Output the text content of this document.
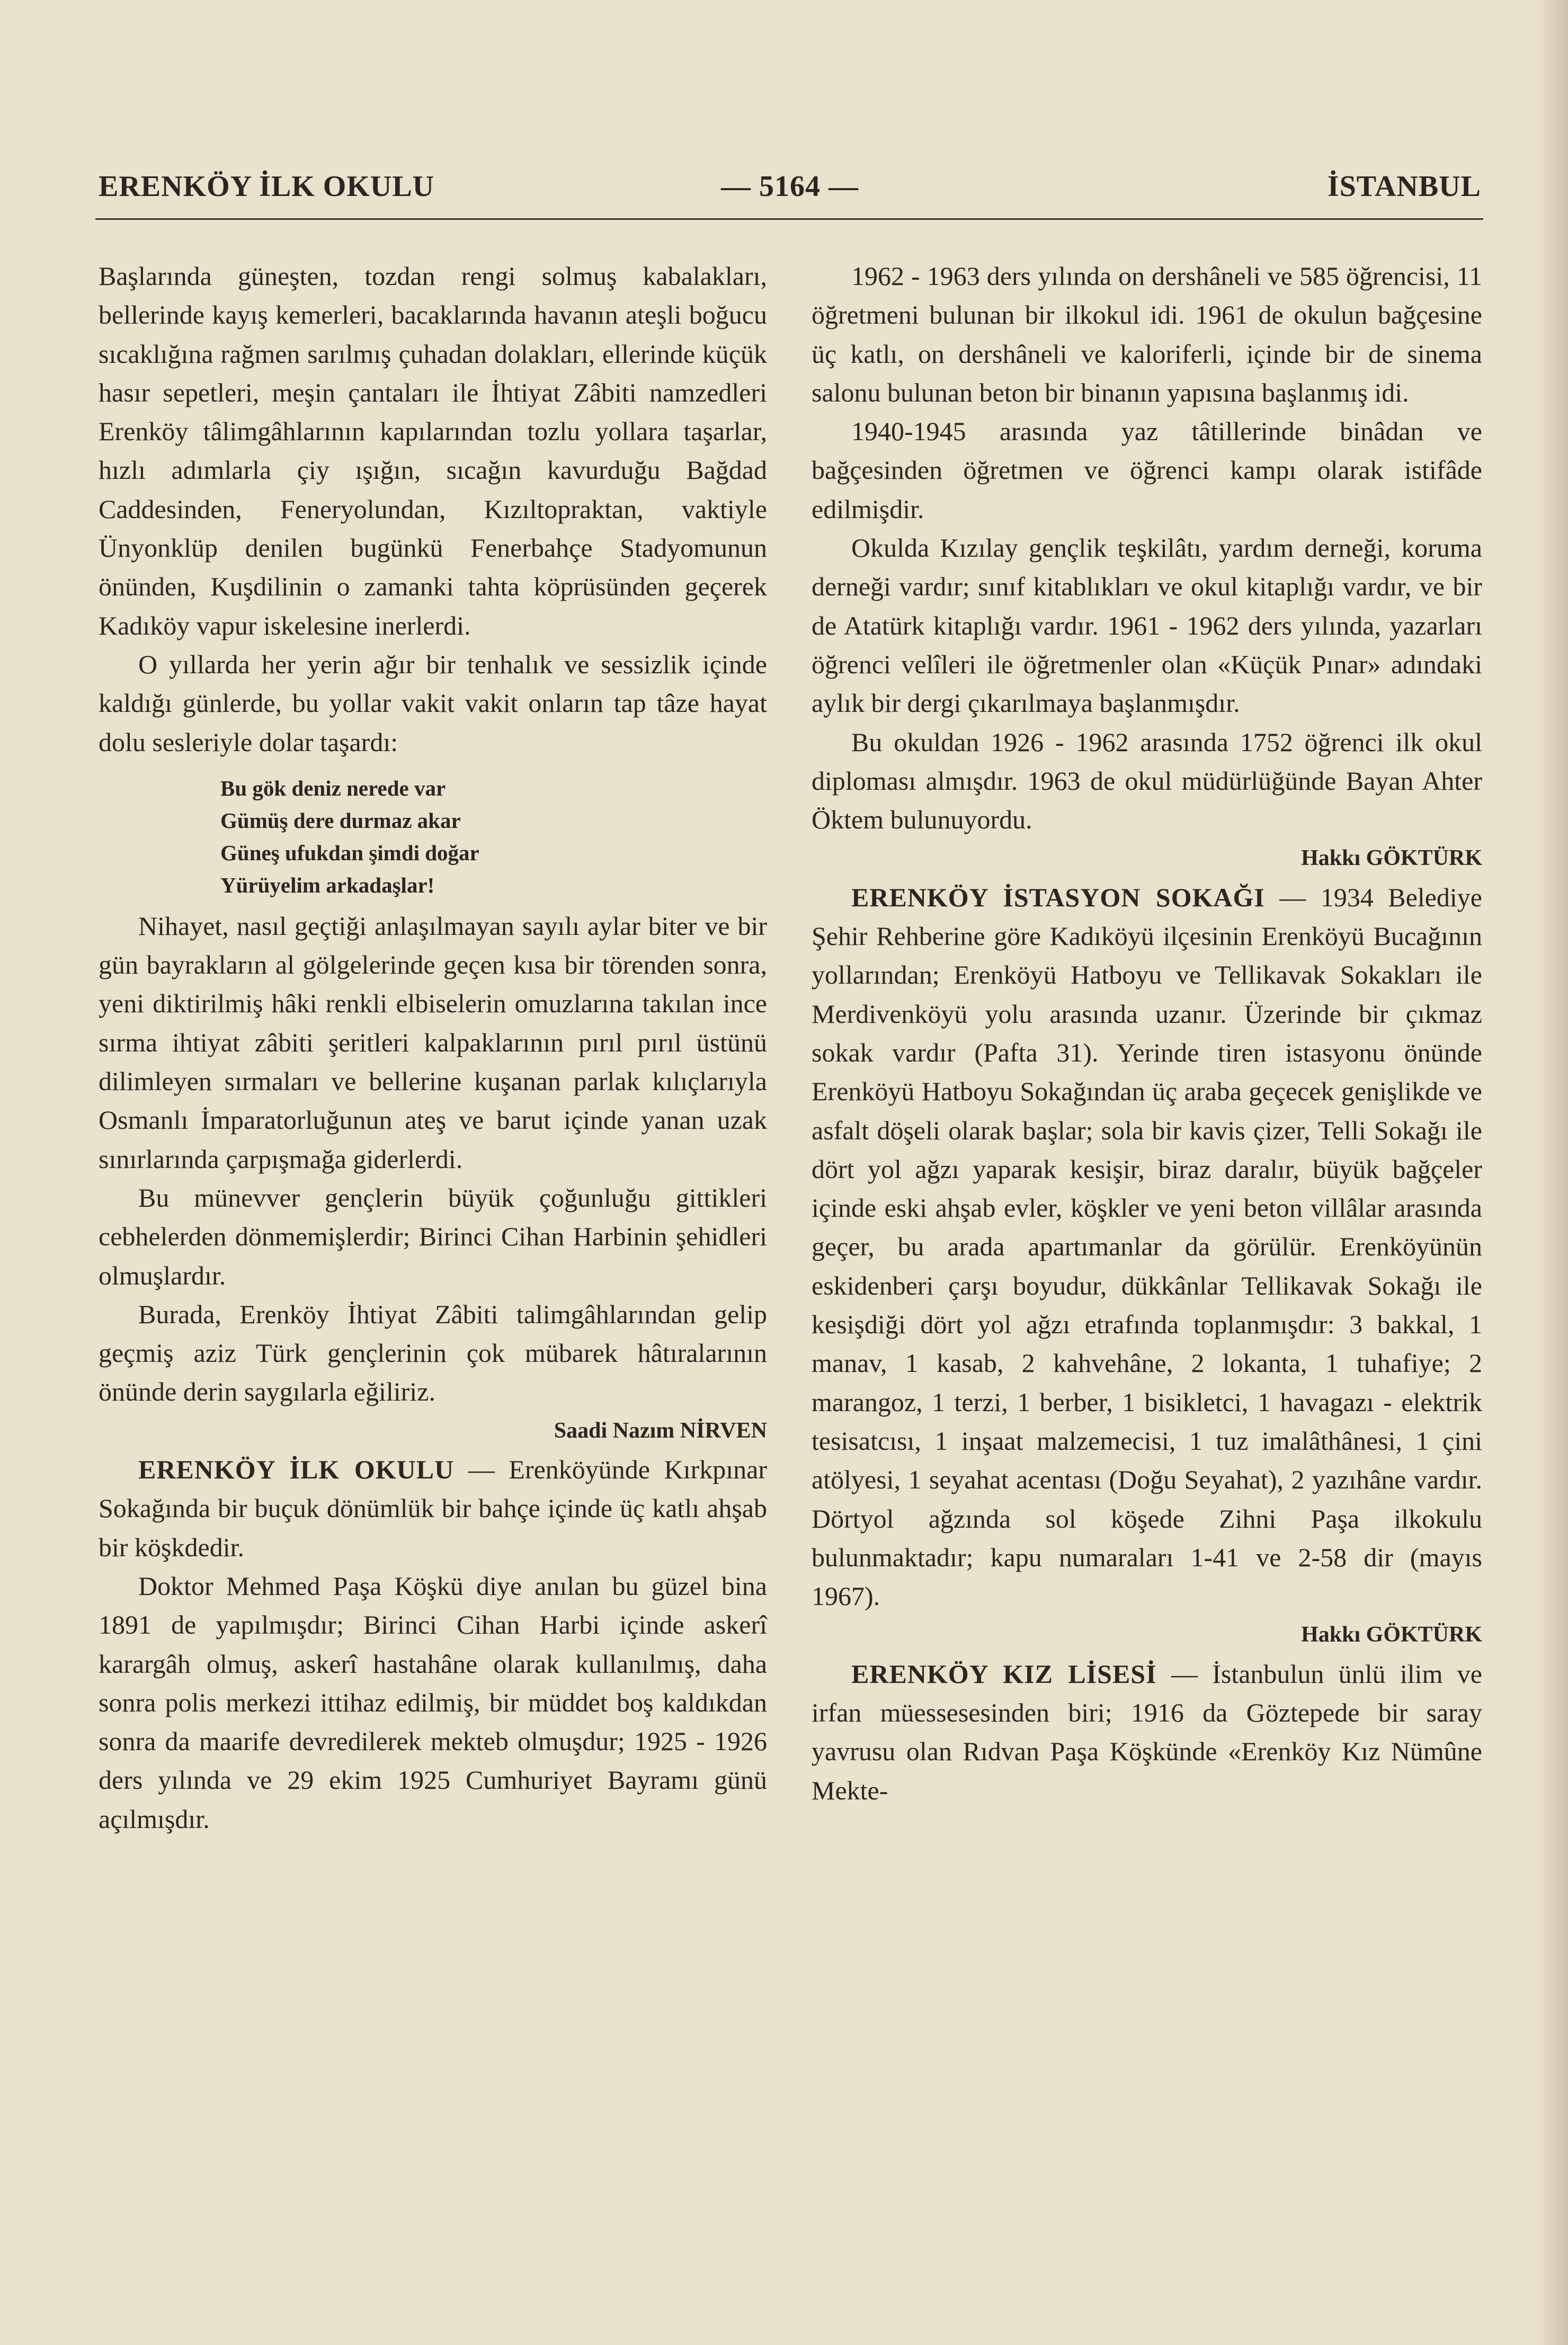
ERENKÖY İLK OKULU	— 5164 —	İSTANBUL

Başlarında güneşten, tozdan rengi solmuş kabalakları, bellerinde kayış kemerleri, bacaklarında havanın ateşli boğucu sıcaklığına rağmen sarılmış çuhadan dolakları, ellerinde küçük hasır sepetleri, meşin çantaları ile İhtiyat Zâbiti namzedleri Erenköy tâlimgâhlarının kapılarından tozlu yollara taşarlar, hızlı adımlarla çiy ışığın, sıcağın kavurduğu Bağdad Caddesinden, Feneryolundan, Kızıltopraktan, vaktiyle Ünyonklüp denilen bugünkü Fenerbahçe Stadyomunun önünden, Kuşdilinin o zamanki tahta köprüsünden geçerek Kadıköy vapur iskelesine inerlerdi.

O yıllarda her yerin ağır bir tenhalık ve sessizlik içinde kaldığı günlerde, bu yollar vakit vakit onların tap tâze hayat dolu sesleriyle dolar taşardı:

Bu gök deniz nerede var
Gümüş dere durmaz akar
Güneş ufukdan şimdi doğar
Yürüyelim arkadaşlar!

Nihayet, nasıl geçtiği anlaşılmayan sayılı aylar biter ve bir gün bayrakların al gölgelerinde geçen kısa bir törenden sonra, yeni diktirilmiş hâki renkli elbiselerin omuzlarına takılan ince sırma ihtiyat zâbiti şeritleri kalpaklarının pırıl pırıl üstünü dilimleyen sırmaları ve bellerine kuşanan parlak kılıçlarıyla Osmanlı İmparatorluğunun ateş ve barut içinde yanan uzak sınırlarında çarpışmağa giderlerdi.

Bu münevver gençlerin büyük çoğunluğu gittikleri cebhelerden dönmemişlerdir; Birinci Cihan Harbinin şehidleri olmuşlardır.

Burada, Erenköy İhtiyat Zâbiti talimgâhlarından gelip geçmiş aziz Türk gençlerinin çok mübarek hâtıralarının önünde derin saygılarla eğiliriz.

Saadi Nazım NİRVEN

ERENKÖY İLK OKULU — Erenköyünde Kırkpınar Sokağında bir buçuk dönümlük bir bahçe içinde üç katlı ahşab bir köşkdedir.

Doktor Mehmed Paşa Köşkü diye anılan bu güzel bina 1891 de yapılmışdır; Birinci Cihan Harbi içinde askerî karargâh olmuş, askerî hastahâne olarak kullanılmış, daha sonra polis merkezi ittihaz edilmiş, bir müddet boş kaldıkdan sonra da maarife devredilerek mekteb olmuşdur; 1925 - 1926 ders yılında ve 29 ekim 1925 Cumhuriyet Bayramı günü açılmışdır.

1962 - 1963 ders yılında on dershâneli ve 585 öğrencisi, 11 öğretmeni bulunan bir ilkokul idi. 1961 de okulun bağçesine üç katlı, on dershâneli ve kaloriferli, içinde bir de sinema salonu bulunan beton bir binanın yapısına başlanmış idi.

1940-1945 arasında yaz tâtillerinde binâdan ve bağçesinden öğretmen ve öğrenci kampı olarak istifâde edilmişdir.

Okulda Kızılay gençlik teşkilâtı, yardım derneği, koruma derneği vardır; sınıf kitablıkları ve okul kitaplığı vardır, ve bir de Atatürk kitaplığı vardır. 1961 - 1962 ders yılında, yazarları öğrenci velîleri ile öğretmenler olan «Küçük Pınar» adındaki aylık bir dergi çıkarılmaya başlanmışdır.

Bu okuldan 1926 - 1962 arasında 1752 öğrenci ilk okul diploması almışdır. 1963 de okul müdürlüğünde Bayan Ahter Öktem bulunuyordu.

Hakkı GÖKTÜRK

ERENKÖY İSTASYON SOKAĞI — 1934 Belediye Şehir Rehberine göre Kadıköyü ilçesinin Erenköyü Bucağının yollarından; Erenköyü Hatboyu ve Tellikavak Sokakları ile Merdivenköyü yolu arasında uzanır. Üzerinde bir çıkmaz sokak vardır (Pafta 31). Yerinde tiren istasyonu önünde Erenköyü Hatboyu Sokağından üç araba geçecek genişlikde ve asfalt döşeli olarak başlar; sola bir kavis çizer, Telli Sokağı ile dört yol ağzı yaparak kesişir, biraz daralır, büyük bağçeler içinde eski ahşab evler, köşkler ve yeni beton villâlar arasında geçer, bu arada apartımanlar da görülür. Erenköyünün eskidenberi çarşı boyudur, dükkânlar Tellikavak Sokağı ile kesişdiği dört yol ağzı etrafında toplanmışdır: 3 bakkal, 1 manav, 1 kasab, 2 kahvehâne, 2 lokanta, 1 tuhafiye; 2 marangoz, 1 terzi, 1 berber, 1 bisikletci, 1 havagazı - elektrik tesisatcısı, 1 inşaat malzemecisi, 1 tuz imalâthânesi, 1 çini atölyesi, 1 seyahat acentası (Doğu Seyahat), 2 yazıhâne vardır. Dörtyol ağzında sol köşede Zihni Paşa ilkokulu bulunmaktadır; kapu numaraları 1-41 ve 2-58 dir (mayıs 1967).

Hakkı GÖKTÜRK

ERENKÖY KIZ LİSESİ — İstanbulun ünlü ilim ve irfan müessesesinden biri; 1916 da Göztepede bir saray yavrusu olan Rıdvan Paşa Köşkünde «Erenköy Kız Nümûne Mekte-
